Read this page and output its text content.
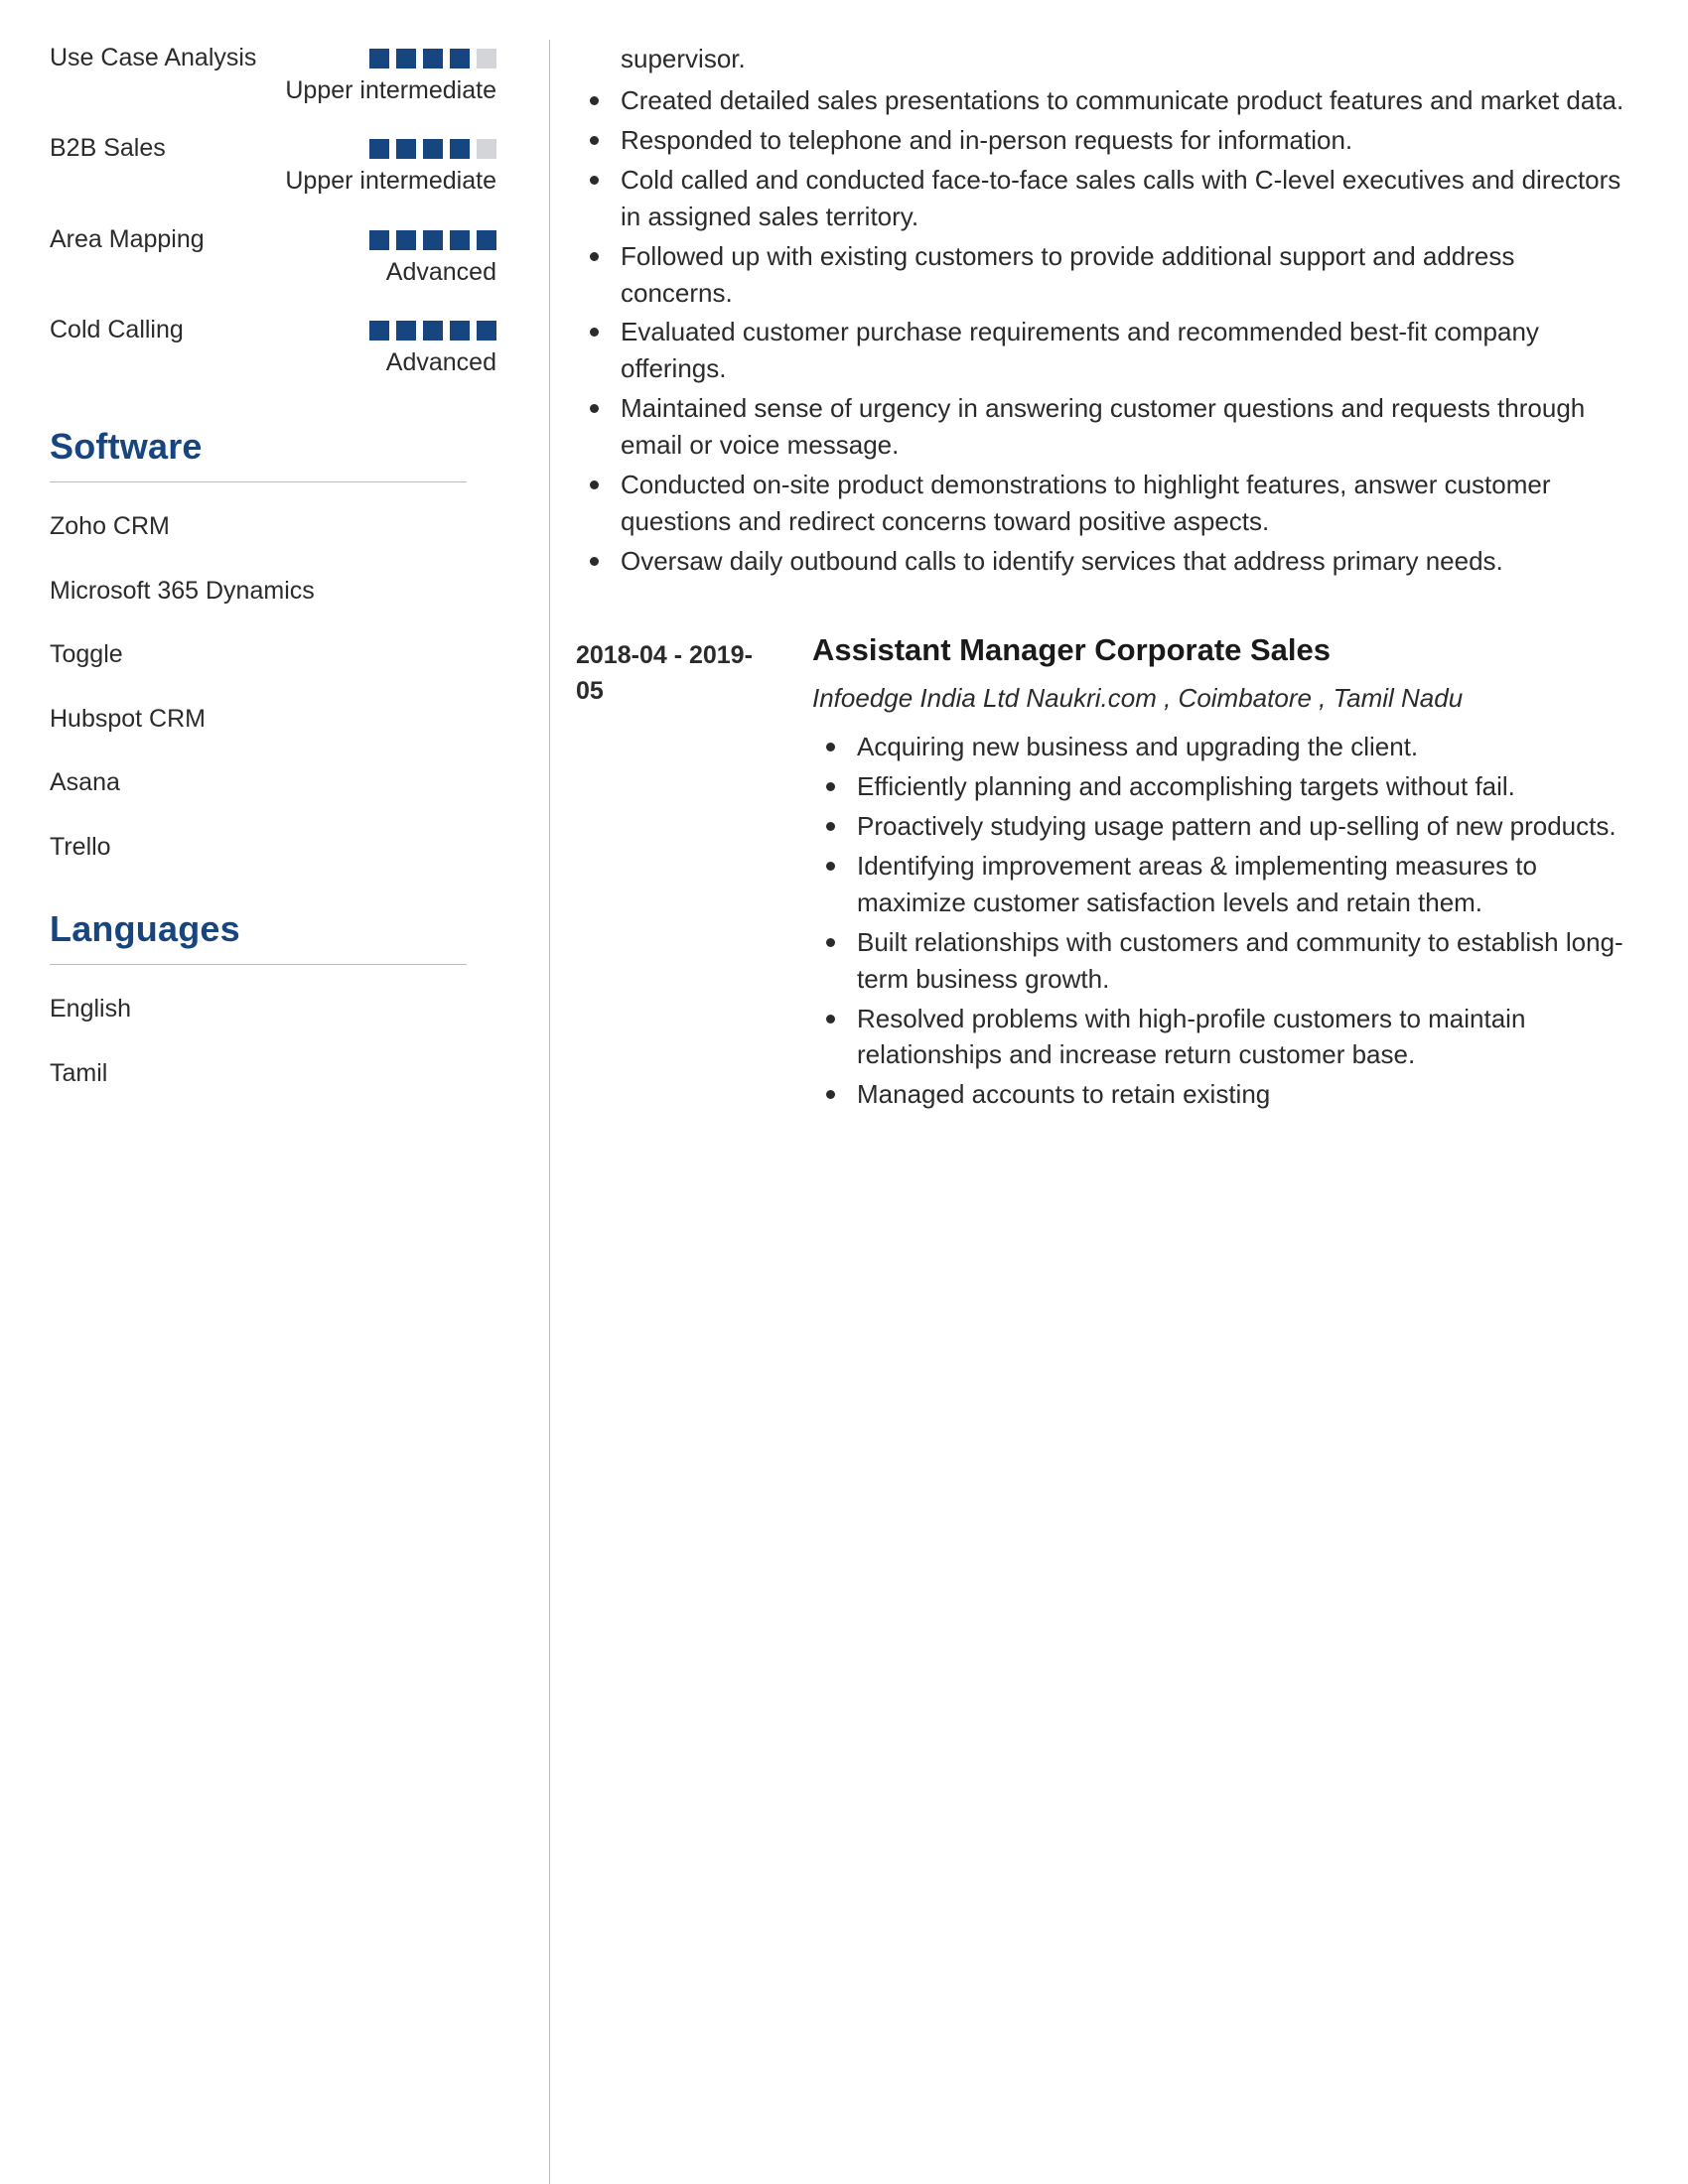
Use Case Analysis
Upper intermediate
B2B Sales
Upper intermediate
Area Mapping
Advanced
Cold Calling
Advanced
Software
Zoho CRM
Microsoft 365 Dynamics
Toggle
Hubspot CRM
Asana
Trello
Languages
English
Tamil

supervisor.

Created detailed sales presentations to communicate product features and market data.
Responded to telephone and in-person requests for information.
Cold called and conducted face-to-face sales calls with C-level executives and directors in assigned sales territory.
Followed up with existing customers to provide additional support and address concerns.
Evaluated customer purchase requirements and recommended best-fit company offerings.
Maintained sense of urgency in answering customer questions and requests through email or voice message.
Conducted on-site product demonstrations to highlight features, answer customer questions and redirect concerns toward positive aspects.
Oversaw daily outbound calls to identify services that address primary needs.
2018-04 - 2019-05
Assistant Manager Corporate Sales
Infoedge India Ltd Naukri.com , Coimbatore , Tamil Nadu
Acquiring new business and upgrading the client.
Efficiently planning and accomplishing targets without fail.
Proactively studying usage pattern and up-selling of new products.
Identifying improvement areas & implementing measures to maximize customer satisfaction levels and retain them.
Built relationships with customers and community to establish long-term business growth.
Resolved problems with high-profile customers to maintain relationships and increase return customer base.
Managed accounts to retain existing
